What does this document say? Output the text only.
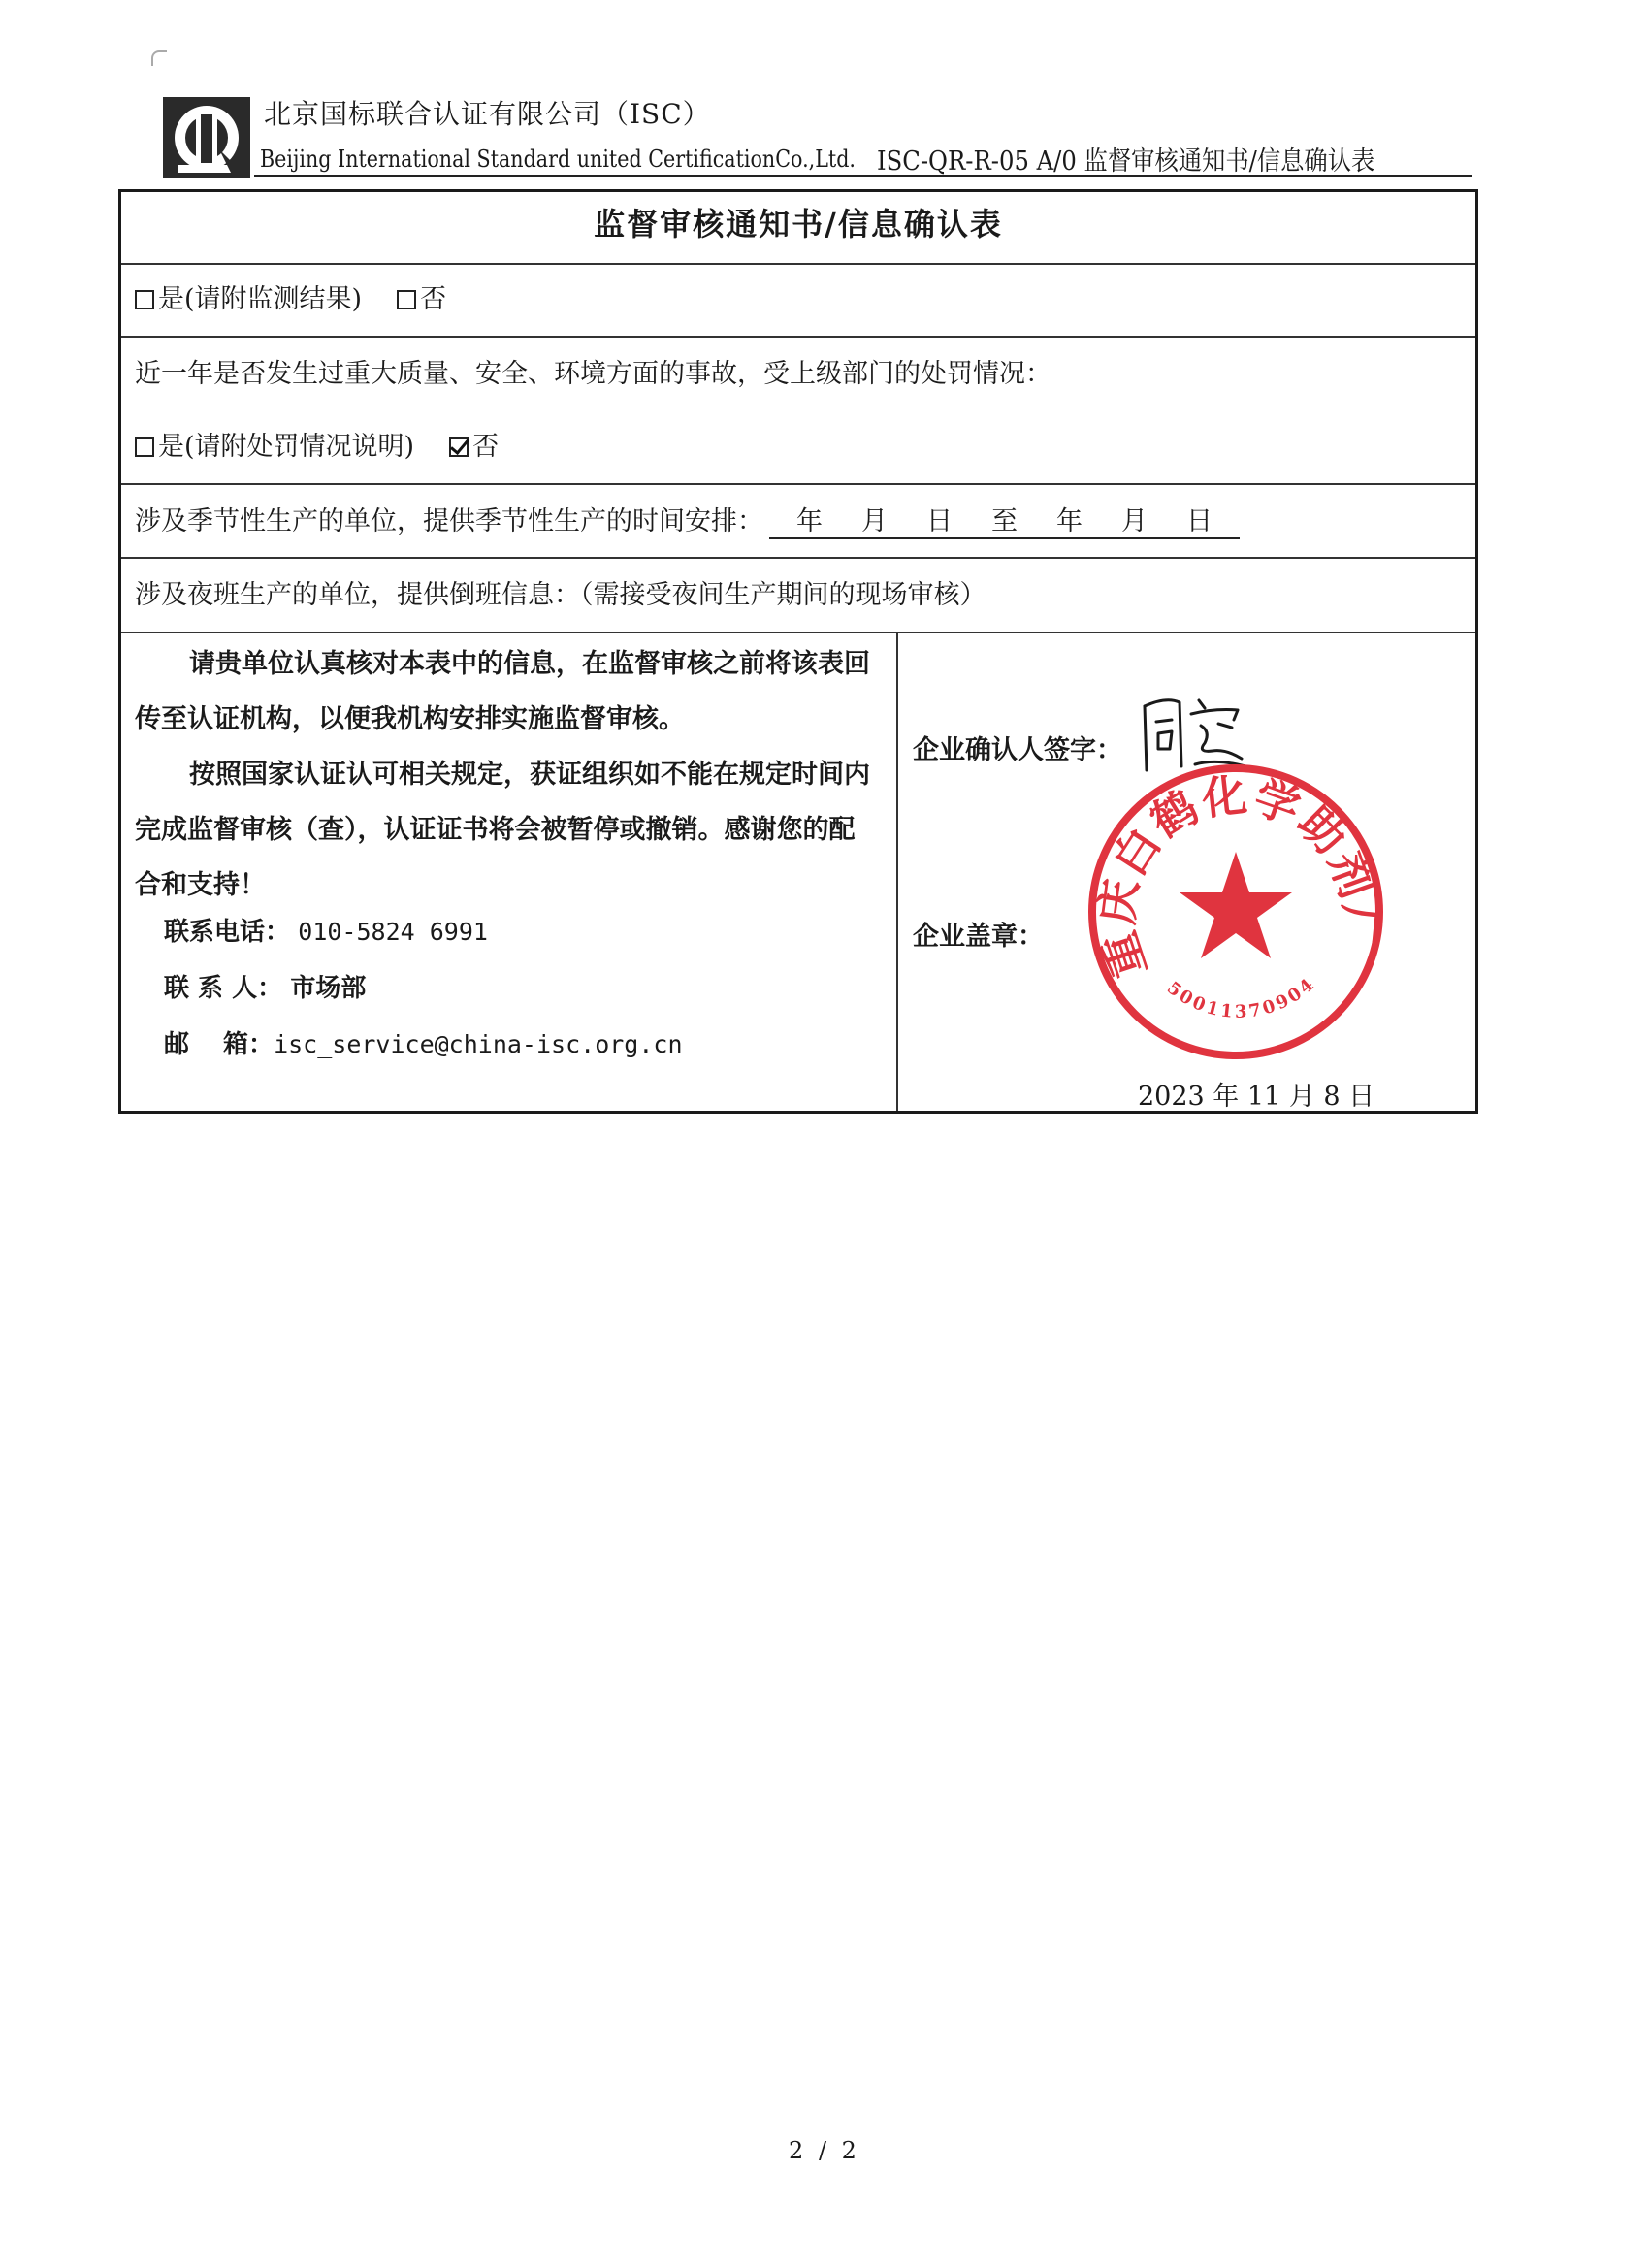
北京国标联合认证有限公司（ISC）
Beijing International Standard united CertificationCo.,Ltd. ISC-QR-R-05 A/0 监督审核通知书/信息确认表
监督审核通知书/信息确认表
是(请附监测结果) 否
近一年是否发生过重大质量、安全、环境方面的事故，受上级部门的处罚情况：
是(请附处罚情况说明) 否
涉及季节性生产的单位，提供季节性生产的时间安排： 年 月 日 至 年 月 日
涉及夜班生产的单位，提供倒班信息：（需接受夜间生产期间的现场审核）

请贵单位认真核对本表中的信息，在监督审核之前将该表回传至认证机构，以便我机构安排实施监督审核。

按照国家认证认可相关规定，获证组织如不能在规定时间内完成监督审核（查），认证证书将会被暂停或撤销。感谢您的配合和支持！

联系电话： 010-5824 6991
联 系 人： 市场部
邮　 箱：isc_service@china-isc.org.cn
企业确认人签字：
企业盖章：
2023 年 11 月 8 日
重庆白鹤化学助剂厂
50011370904
2 / 2
